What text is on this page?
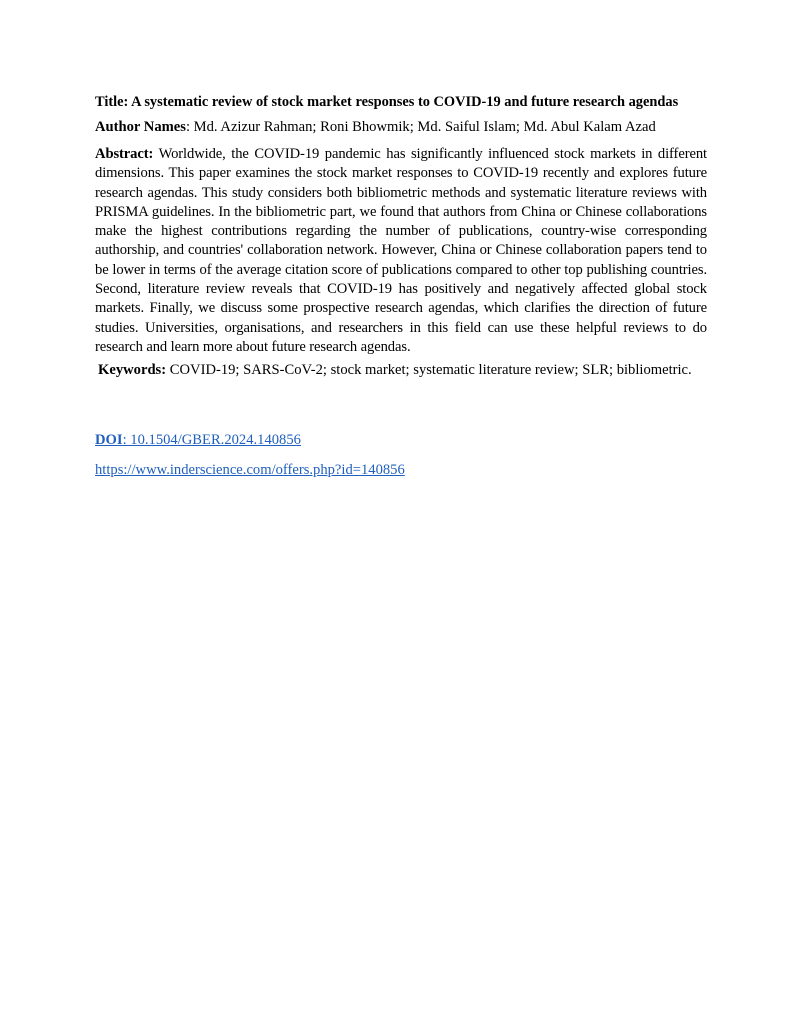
Title: A systematic review of stock market responses to COVID-19 and future research agendas

Author Names: Md. Azizur Rahman; Roni Bhowmik; Md. Saiful Islam; Md. Abul Kalam Azad

Abstract: Worldwide, the COVID-19 pandemic has significantly influenced stock markets in different dimensions. This paper examines the stock market responses to COVID-19 recently and explores future research agendas. This study considers both bibliometric methods and systematic literature reviews with PRISMA guidelines. In the bibliometric part, we found that authors from China or Chinese collaborations make the highest contributions regarding the number of publications, country-wise corresponding authorship, and countries' collaboration network. However, China or Chinese collaboration papers tend to be lower in terms of the average citation score of publications compared to other top publishing countries. Second, literature review reveals that COVID-19 has positively and negatively affected global stock markets. Finally, we discuss some prospective research agendas, which clarifies the direction of future studies. Universities, organisations, and researchers in this field can use these helpful reviews to do research and learn more about future research agendas.

Keywords: COVID-19; SARS-CoV-2; stock market; systematic literature review; SLR; bibliometric.

DOI: 10.1504/GBER.2024.140856
https://www.inderscience.com/offers.php?id=140856
